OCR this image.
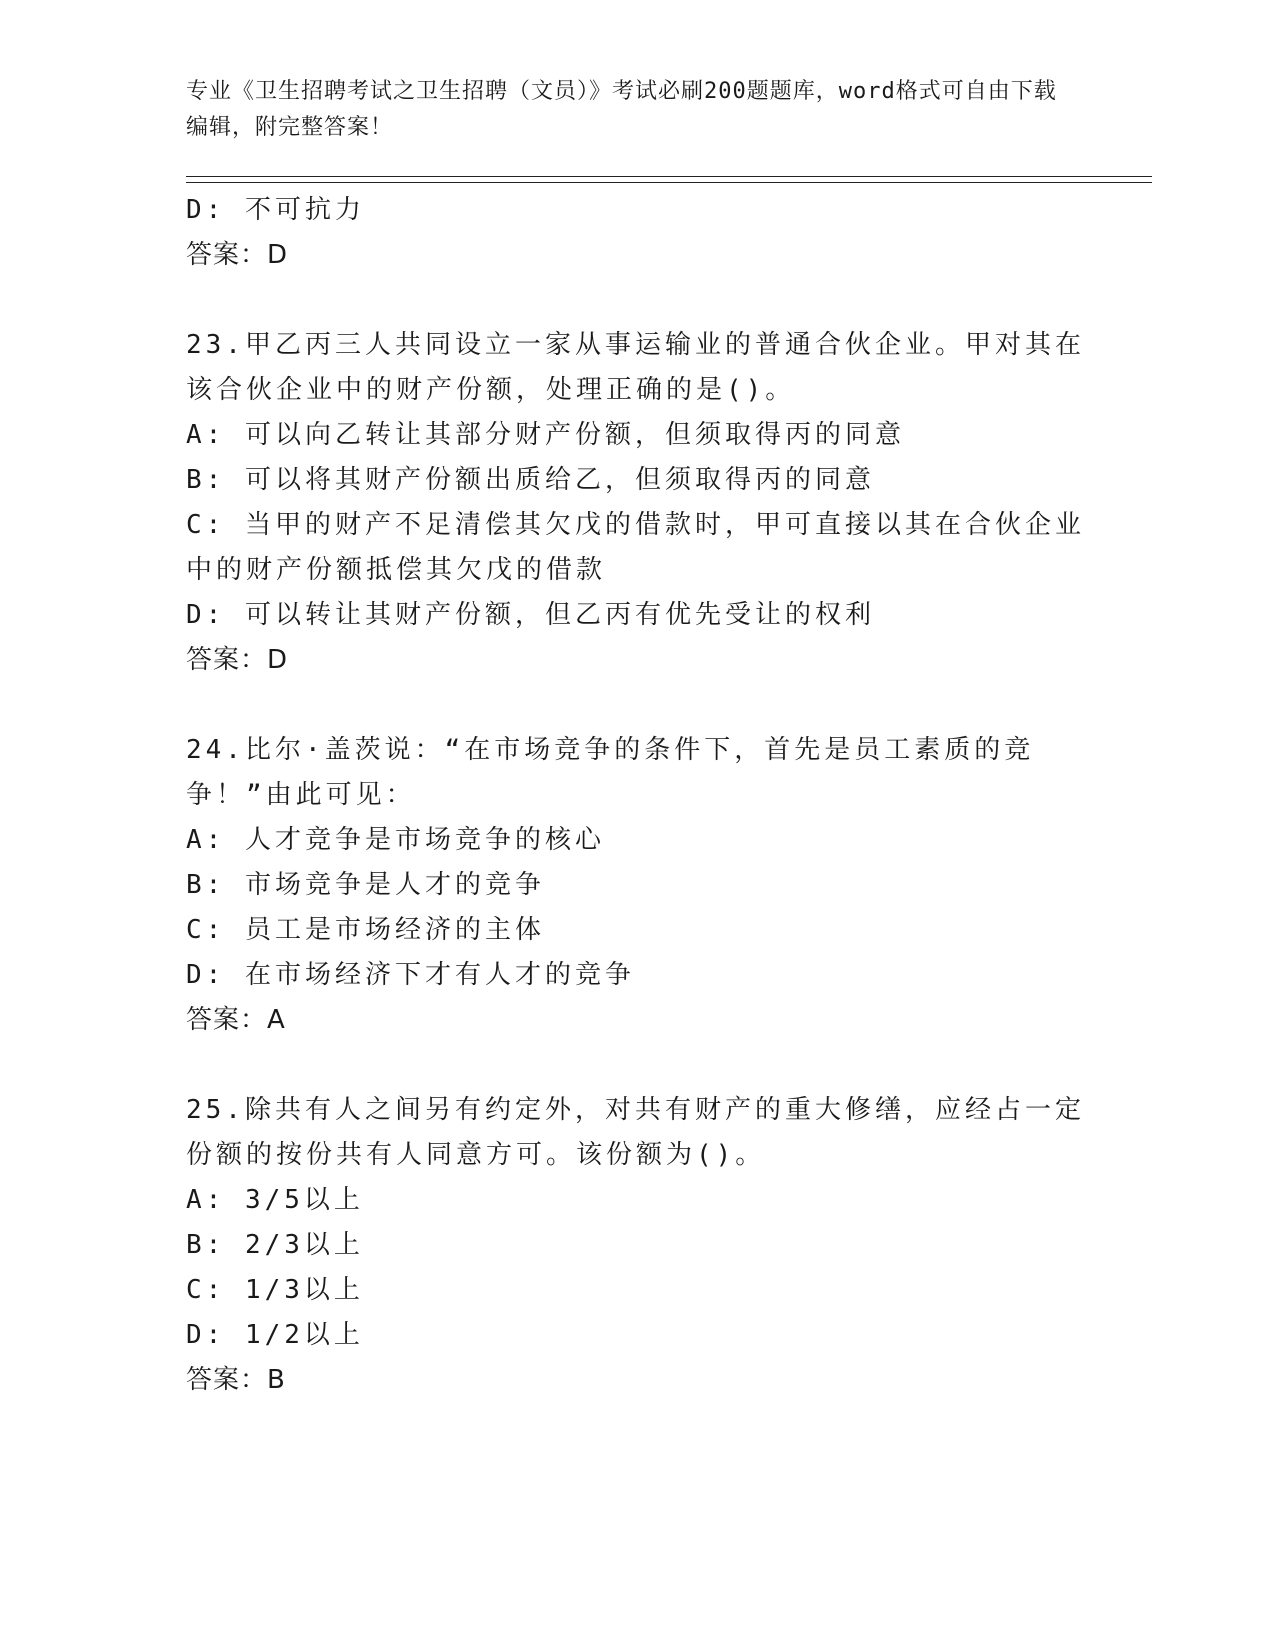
专业《卫生招聘考试之卫生招聘（文员）》考试必刷200题题库，word格式可自由下载编辑，附完整答案！
D: 不可抗力
答案：D
23.甲乙丙三人共同设立一家从事运输业的普通合伙企业。甲对其在该合伙企业中的财产份额，处理正确的是()。
A: 可以向乙转让其部分财产份额，但须取得丙的同意
B: 可以将其财产份额出质给乙，但须取得丙的同意
C: 当甲的财产不足清偿其欠戊的借款时，甲可直接以其在合伙企业中的财产份额抵偿其欠戊的借款
D: 可以转让其财产份额，但乙丙有优先受让的权利
答案：D
24.比尔·盖茨说：“在市场竞争的条件下，首先是员工素质的竞争！”由此可见：
A: 人才竞争是市场竞争的核心
B: 市场竞争是人才的竞争
C: 员工是市场经济的主体
D: 在市场经济下才有人才的竞争
答案：A
25.除共有人之间另有约定外，对共有财产的重大修缮，应经占一定份额的按份共有人同意方可。该份额为()。
A: 3/5以上
B: 2/3以上
C: 1/3以上
D: 1/2以上
答案：B
